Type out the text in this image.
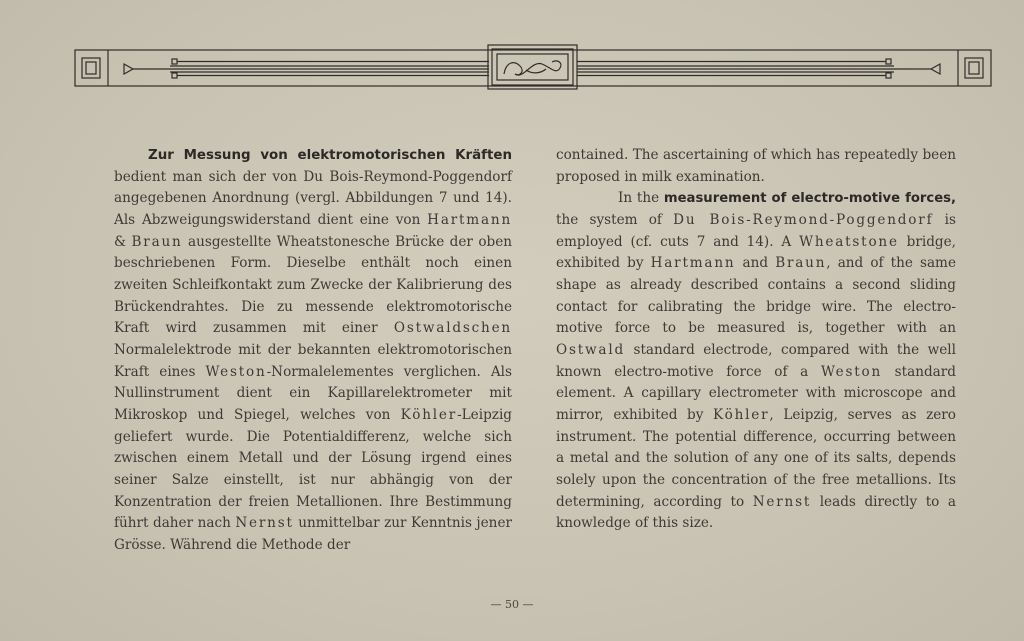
Zur Messung von elektromotorischen Kräften bedient man sich der von Du Bois-Reymond-Poggendorf angegebenen Anordnung (vergl. Abbildungen 7 und 14). Als Abzweigungswiderstand dient eine von Hartmann & Braun ausgestellte Wheatstonesche Brücke der oben beschriebenen Form. Dieselbe enthält noch einen zweiten Schleifkontakt zum Zwecke der Kalibrierung des Brückendrahtes. Die zu messende elektromotorische Kraft wird zusammen mit einer Ostwaldschen Normalelektrode mit der bekannten elektromotorischen Kraft eines Weston-Normalelementes verglichen. Als Nullinstrument dient ein Kapillarelektrometer mit Mikroskop und Spiegel, welches von Köhler-Leipzig geliefert wurde. Die Potentialdifferenz, welche sich zwischen einem Metall und der Lösung irgend eines seiner Salze einstellt, ist nur abhängig von der Konzentration der freien Metallionen. Ihre Bestimmung führt daher nach Nernst unmittelbar zur Kenntnis jener Grösse. Während die Methode der

contained. The ascertaining of which has repeatedly been proposed in milk examination.

In the measurement of electro-motive forces, the system of Du Bois-Reymond-Poggendorf is employed (cf. cuts 7 and 14). A Wheatstone bridge, exhibited by Hartmann and Braun, and of the same shape as already described contains a second sliding contact for calibrating the bridge wire. The electro-motive force to be measured is, together with an Ostwald standard electrode, compared with the well known electro-motive force of a Weston standard element. A capillary electrometer with microscope and mirror, exhibited by Köhler, Leipzig, serves as zero instrument. The potential difference, occurring between a metal and the solution of any one of its salts, depends solely upon the concentration of the free metallions. Its determining, according to Nernst leads directly to a knowledge of this size.

— 50 —
